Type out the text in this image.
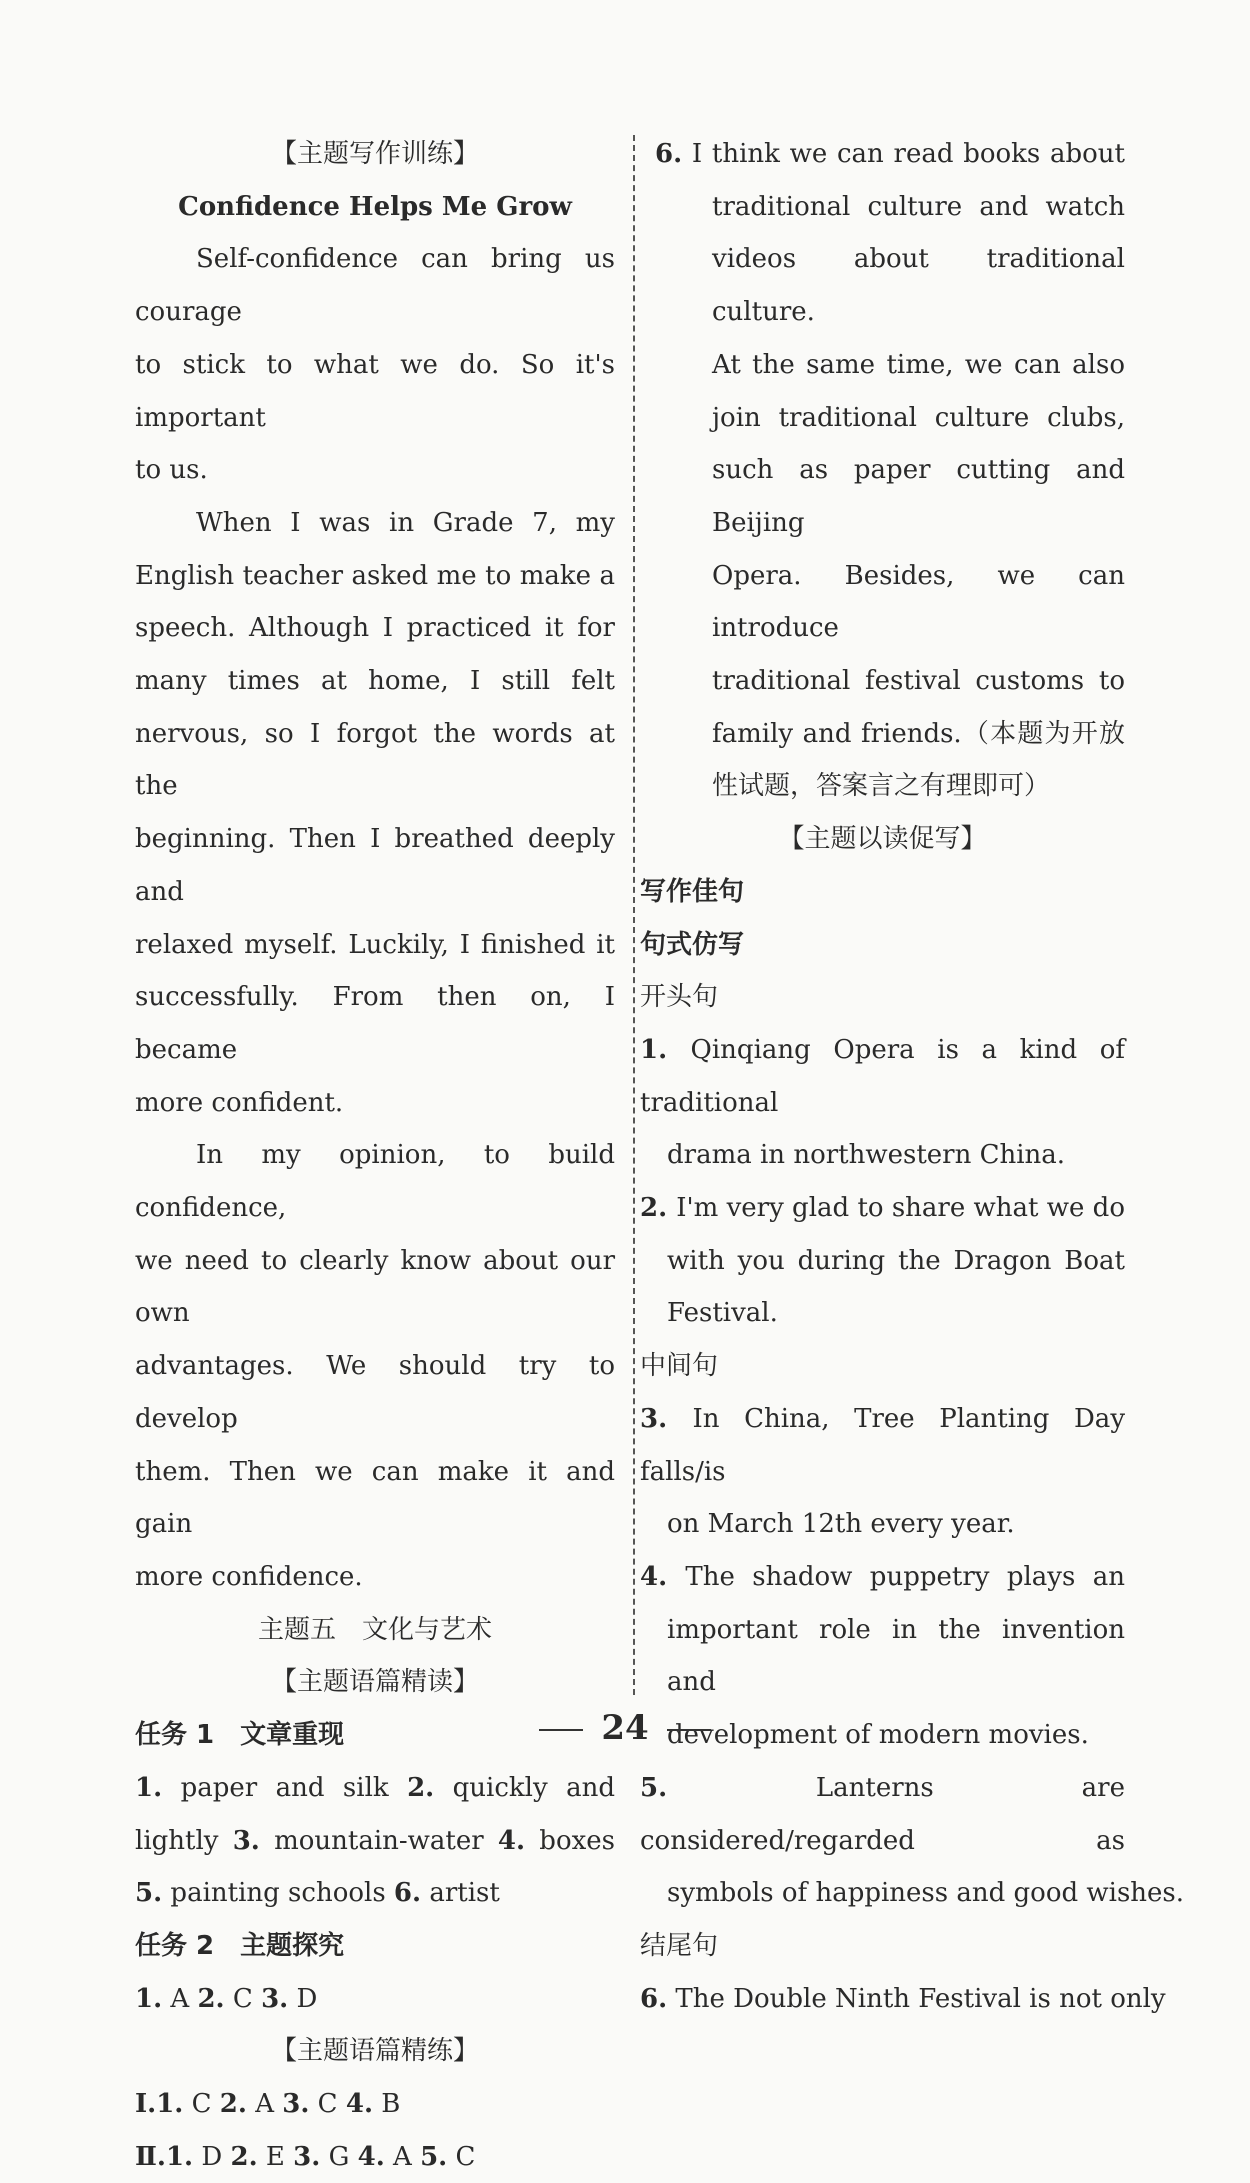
【主题写作训练】
Confidence Helps Me Grow
Self-confidence can bring us courage
to stick to what we do. So it's important
to us.
When I was in Grade 7, my
English teacher asked me to make a
speech. Although I practiced it for
many times at home, I still felt
nervous, so I forgot the words at the
beginning. Then I breathed deeply and
relaxed myself. Luckily, I finished it
successfully. From then on, I became
more confident.
In my opinion, to build confidence,
we need to clearly know about our own
advantages. We should try to develop
them. Then we can make it and gain
more confidence.
主题五　文化与艺术
【主题语篇精读】
任务 1　文章重现
1. paper and silk 2. quickly and
lightly 3. mountain-water 4. boxes
5. painting schools 6. artist
任务 2　主题探究
1. A 2. C 3. D
【主题语篇精练】
Ⅰ.1. C 2. A 3. C 4. B
Ⅱ.1. D 2. E 3. G 4. A 5. C
6. I think we can read books about
traditional culture and watch
videos about traditional culture.
At the same time, we can also
join traditional culture clubs,
such as paper cutting and Beijing
Opera. Besides, we can introduce
traditional festival customs to
family and friends.（本题为开放
性试题，答案言之有理即可）
【主题以读促写】
写作佳句
句式仿写
开头句
1. Qinqiang Opera is a kind of traditional
drama in northwestern China.
2. I'm very glad to share what we do
with you during the Dragon Boat
Festival.
中间句
3. In China, Tree Planting Day falls/is
on March 12th every year.
4. The shadow puppetry plays an
important role in the invention and
development of modern movies.
5. Lanterns are considered/regarded as
symbols of happiness and good wishes.
结尾句
6. The Double Ninth Festival is not only
24
